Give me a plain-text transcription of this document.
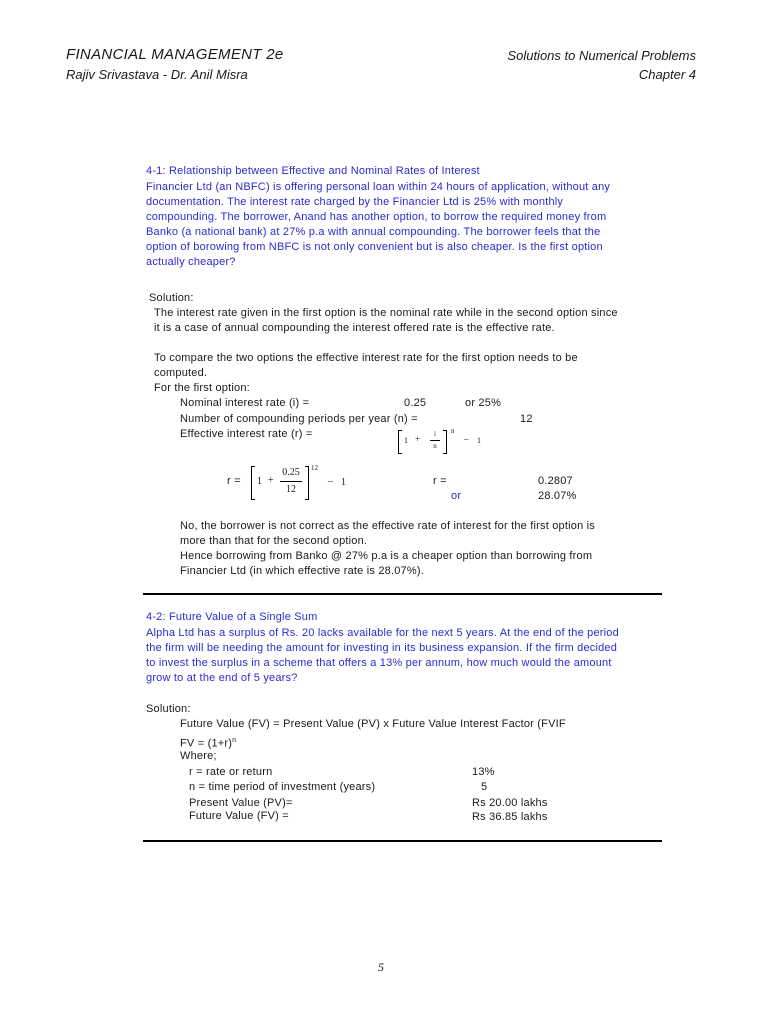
FINANCIAL MANAGEMENT 2e
Rajiv Srivastava - Dr. Anil Misra
Solutions to Numerical Problems
Chapter 4
4-1: Relationship between Effective and Nominal Rates of Interest
Financier Ltd (an NBFC) is offering personal loan within 24 hours of application, without any
documentation. The interest rate charged by the Financier Ltd is 25% with monthly
compounding. The borrower, Anand has another option, to borrow the required money from
Banko (a national bank) at 27% p.a with annual compounding. The borrower feels that the
option of borowing from NBFC is not only convenient but is also cheaper. Is the first option
actually cheaper?
Solution:
The interest rate given in the first option is the nominal rate while in the second option since
it is a case of annual compounding the interest offered rate is the effective rate.
To compare the two options the effective interest rate for the first option needs to be
computed.
For the first option:
Nominal interest rate (i) =	0.25	or 25%
Number of compounding periods per year (n) =	12
Effective interest rate (r) =
1 +	i
n
n
– 1
r = 1 +
0.25
12
12
– 1	r =	0.2807
or	28.07%
No, the borrower is not correct as the effective rate of interest for the first option is
more than that for the second option.
Hence borrowing from Banko @ 27% p.a is a cheaper option than borrowing from
Financier Ltd (in which effective rate is 28.07%).
4-2: Future Value of a Single Sum
Alpha Ltd has a surplus of Rs. 20 lacks available for the next 5 years. At the end of the period
the firm will be needing the amount for investing in its business expansion. If the firm decided
to invest the surplus in a scheme that offers a 13% per annum, how much would the amount
grow to at the end of 5 years?
Solution:
Future Value (FV) = Present Value (PV) x Future Value Interest Factor (FVIF
FV = $(1+r)^n$
Where;
r = rate or return	13%
n = time period of investment (years)	5
Present Value (PV)=	Rs 20.00 lakhs
Future Value (FV) =	Rs 36.85 lakhs
5
